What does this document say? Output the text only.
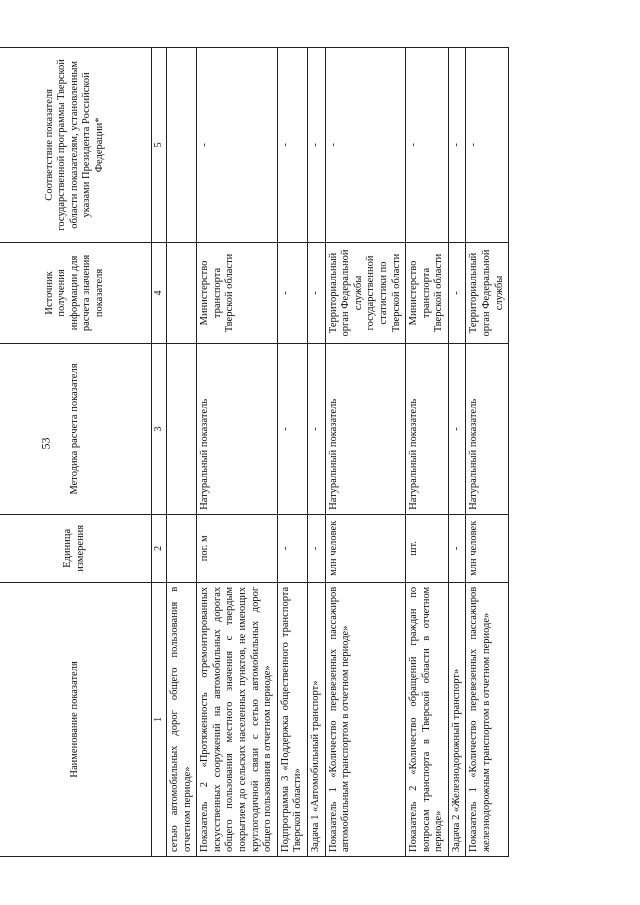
53
Наименование показателя	Единица измерения	Методика расчета показателя	Источник получения информации для расчета значения показателя	Соответствие показателя государственной программы Тверской области показателям, установленным указами Президента Российской Федерации*
1	2	3	4	5
сетью автомобильных дорог общего пользования в отчетном периоде»				
Показатель 2 «Протяженность отремонтированных искусственных сооружений на автомобильных дорогах общего пользования местного значения с твердым покрытием до сельских населенных пунктов, не имеющих круглогодичной связи с сетью автомобильных дорог общего пользования в отчетном периоде»	пог. м	Натуральный показатель	Министерство транспорта Тверской области	-
Подпрограмма 3 «Поддержка общественного транспорта Тверской области»	-	-	-	-
Задача 1 «Автомобильный транспорт»	-	-	-	-
Показатель 1 «Количество перевезенных пассажиров автомобильным транспортом в отчетном периоде»	млн человек	Натуральный показатель	Территориальный орган Федеральной службы государственной статистики по Тверской области	-
Показатель 2 «Количество обращений граждан по вопросам транспорта в Тверской области в отчетном периоде»	шт.	Натуральный показатель	Министерство транспорта Тверской области	-
Задача 2 «Железнодорожный транспорт»	-	-	-	-
Показатель 1 «Количество перевезенных пассажиров железнодорожным транспортом в отчетном периоде»	млн человек	Натуральный показатель	Территориальный орган Федеральной службы	-
